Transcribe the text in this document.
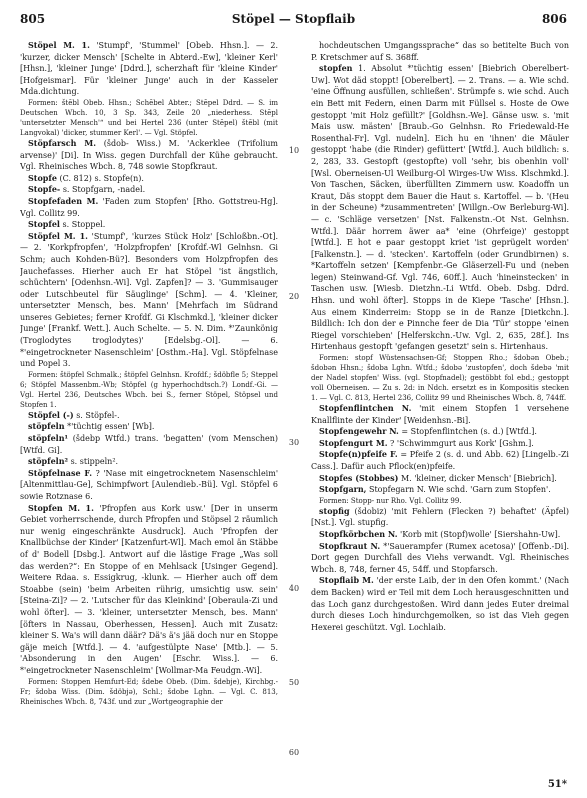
805	Stöpel — Stopflaib	806

Stöpel M. 1. 'Stumpf', 'Stummel' [Obeb. Hhsn.]. — 2. 'kurzer, dicker Mensch' [Schelte in Abterd.-Ew], 'kleiner Kerl' [Hhsn.], 'kleiner Junge' [Ddrd.], scherzhaft für 'kleine Kinder' [Hofgeismar]. Für 'kleiner Junge' auch in der Kasseler Mda.dichtung.

Formen: štēbl Obeb. Hhsn.; Schēbel Abter.; Stēpel Ddrd. — S. im Deutschen Wbch. 10, 3 Sp. 343, Zeile 20 „niederhess. Stēpl 'untersetzter Mensch'“ und bei Hertel 236 (unter Stēpel) štēbl (mit Langvokal) 'dicker, stummer Kerl'. — Vgl. Stöpfel.

Stöpfarsch M. (šdob- Wiss.) M. 'Ackerklee (Trifolium arvense)' [Di]. In Wiss. gegen Durchfall der Kühe gebraucht. Vgl. Rheinisches Wbch. 8, 748 sowie Stopfkraut.

Stopfe (C. 812) s. Stopfe(n).

Stopfe- s. Stopfgarn, -nadel.

Stopfefaden M. 'Faden zum Stopfen' [Rho. Gottstreu-Hg]. Vgl. Collitz 99.

Stopfel s. Stoppel.

Stöpfel M. 1. 'Stumpf', 'kurzes Stück Holz' [Schloßbn.-Ot]. — 2. 'Korkpfropfen', 'Holzpfropfen' [Krofdf.-Wl Gelnhsn. Gi Schm; auch Kohden-Bü?]. Besonders vom Holzpfropfen des Jauchefasses. Hierher auch Er hat Stöpel 'ist ängstlich, schüchtern' [Odenhsn.-Wi]. Vgl. Zapfen]? — 3. 'Gummisauger oder Lutschbeutel für Säuglinge' [Schm]. — 4. 'Kleiner, untersetzter Mensch, bes. Mann' [Mehrfach im Südrand unseres Gebietes; ferner Krofdf. Gi Klschmkd.], 'kleiner dicker Junge' [Frankf. Wett.]. Auch Schelte. — 5. N. Dim. *'Zaunkönig (Troglodytes troglodytes)' [Edelsbg.-Ol]. — 6. *'eingetrockneter Nasenschleim' [Osthm.-Ha]. Vgl. Stöpfelnase und Popel 3.

Formen: štöpfel Schmalk.; štöpfel Gelnhsn. Krofdf.; šdöbfle 5; Steppel 6; Stöpfel Massenbm.-Wb; Stöpfel (g hyperhochdtsch.?) Londf.-Gi. — Vgl. Hertel 236, Deutsches Wbch. bei S., ferner Stöpel, Stöpsel und Stopfen 1.

Stöpfel (-) s. Stöpfel-.

stöpfeln *'tüchtig essen' [Wb].

stöpfeln¹ (šdebp Wtfd.) trans. 'begatten' (vom Menschen) [Wtfd. Gi].

stöpfeln² s. stippeln².

Stöpfelnase F. ? 'Nase mit eingetrocknetem Nasenschleim' [Altenmittlau-Ge], Schimpfwort [Aulendieb.-Bü]. Vgl. Stöpfel 6 sowie Rotznase 6.

Stopfen M. 1. 'Pfropfen aus Kork usw.' [Der in unserm Gebiet vorherrschende, durch Pfropfen und Stöpsel 2 räumlich nur wenig eingeschränkte Ausdruck]. Auch 'Pfropfen der Knallbüchse der Kinder' [Katzenfurt-Wl]. Mach emol än Stäbbe of d' Bodell [Dsbg.]. Antwort auf die lästige Frage „Was soll das werden?“: En Stoppe of en Mehlsack [Usinger Gegend]. Weitere Rdaa. s. Essigkrug, -klunk. — Hierher auch off dem Stoabbe (sein) 'beim Arbeiten rührig, umsichtig usw. sein' [Steina-Zi]? — 2. 'Lutscher für das Kleinkind' [Oberaula-Zi und wohl öfter]. — 3. 'kleiner, untersetzter Mensch, bes. Mann' [öfters in Nassau, Oberhessen, Hessen]. Auch mit Zusatz: kleiner S. Wa's will dann däär? Dä's ä's jää doch nur en Stoppe gäje meich [Wtfd.]. — 4. 'aufgestülpte Nase' [Mtb.]. — 5. 'Absonderung in den Augen' [Eschr. Wiss.]. — 6. *'eingetrockneter Nasenschleim' [Wollmar-Ma Feudgn.-Wi].

Formen: Stoppen Hemfurt-Ed; šdebe Obeb. (Dim. šdebje), Kirchbg.-Fr; šdoba Wiss. (Dim. šdöbjə), Schl.; šdobe Lghn. — Vgl. C. 813, Rheinisches Wbch. 8, 743f. und zur „Wortgeographie der

hochdeutschen Umgangssprache“ das so betitelte Buch von P. Kretschmer auf S. 368ff.

stopfen 1. Absolut *'tüchtig essen' [Biebrich Oberelbert-Uw]. Wot däd stoppt! [Oberelbert]. — 2. Trans. — a. Wie schd. 'eine Öffnung ausfüllen, schließen'. Strümpfe s. wie schd. Auch ein Bett mit Federn, einen Darm mit Füllsel s. Hoste de Owe gestoppt 'mit Holz gefüllt?' [Goldhsn.-We]. Gänse usw. s. 'mit Mais usw. mästen' [Braub.-Go Gelnhsn. Ro Friedewald-He Rosenthal-Fr]. Vgl. nudeln]. Eich hu en 'ihnen' die Mäuler gestoppt 'habe (die Rinder) gefüttert' [Wtfd.]. Auch bildlich: s. 2, 283, 33. Gestopft (gestopfte) voll 'sehr, bis obenhin voll' [Wsl. Oberneisen-Ul Weilburg-Ol Wirges-Uw Wiss. Klschmkd.]. Von Taschen, Säcken, überfüllten Zimmern usw. Koadoffn un Kraut, Däs stoppt dem Bauer die Haut s. Kartoffel. — b. '(Heu in der Scheune) *zusammentreten' [Willgn.-Ow Berleburg-Wi]. — c. 'Schläge versetzen' [Nst. Falkenstn.-Ot Nst. Gelnhsn. Wtfd.]. Däär horrem äwer aa* 'eine (Ohrfeige)' gestoppt [Wtfd.]. E hot e paar gestoppt kriet 'ist geprügelt worden' [Falkenstn.]. — d. 'stecken'. Kartoffeln (oder Grundbirnen) s. *Kartoffeln setzen' [Kempfenbr.-Ge Gläserzell-Fu und (neben legen) Steinwand-Gf. Vgl. 746, 60ff.]. Auch 'hineinstecken' in Taschen usw. [Wiesb. Dietzhn.-Li Wtfd. Obeb. Dsbg. Ddrd. Hhsn. und wohl öfter]. Stopps in de Kiepe 'Tasche' [Hhsn.]. Aus einem Kinderreim: Stopp se in de Ranze [Dietkchn.]. Bildlich: Ich don der e Pinnche feer de Dia 'Tür' stoppe 'einen Riegel vorschieben' [Helferskchn.-Uw. Vgl. 2, 635, 28f.]. Ins Hirtenhaus gestopft 'gefangen gesetzt' sein s. Hirtenhaus.

Formen: stopf Wüstensachsen-Gf; Stoppen Rho.; šdobən Obeb.; šdobən Hhsn.; šdoba Lghn. Wtfd.; šdobə 'zustopfen', doch šdebə 'mit der Nadel stopfen' Wiss. (vgl. Stopfnadel); gestöbbt fol ebd.; gestoppt voll Oberneisen. — Zu s. 2d: in Ndch. ersetzt es in Kompositis stecken 1. — Vgl. C. 813, Hertel 236, Collitz 99 und Rheinisches Wbch. 8, 744ff.

Stopfenflintchen N. 'mit einem Stopfen 1 versehene Knallflinte der Kinder' [Weidenhsn.-Bi].

Stopfengewehr N. = Stopfenflintchen (s. d.) [Wtfd.].

Stopfengurt M. ? 'Schwimmgurt aus Kork' [Gshm.].

Stopfe(n)pfeife F. = Pfeife 2 (s. d. und Abb. 62) [Lingelb.-Zi Cass.]. Dafür auch Pflock(en)pfeife.

Stopfes (Stobbes) M. 'kleiner, dicker Mensch' [Biebrich].

Stopfgarn, Stopfegarn N. Wie schd. 'Garn zum Stopfen'.

Formen: Stopp- nur Rho. Vgl. Collitz 99.

stopfig (šdobiz) 'mit Fehlern (Flecken ?) behaftet' (Äpfel) [Nst.]. Vgl. stupfig.

Stopfkörbchen N. 'Korb mit (Stopf)wolle' [Siershahn-Uw].

Stopfkraut N. *'Sauerampfer (Rumex acetosa)' [Offenb.-Di]. Dort gegen Durchfall des Viehs verwandt. Vgl. Rheinisches Wbch. 8, 748, ferner 45, 54ff. und Stopfarsch.

Stopflaib M. 'der erste Laib, der in den Ofen kommt.' (Nach dem Backen) wird er Teil mit dem Loch herausgeschnitten und das Loch ganz durchgestoßen. Wird dann jedes Euter dreimal durch dieses Loch hindurchgemolken, so ist das Vieh gegen Hexerei geschützt. Vgl. Lochlaib.

10
20
30
40
50
60
51*
